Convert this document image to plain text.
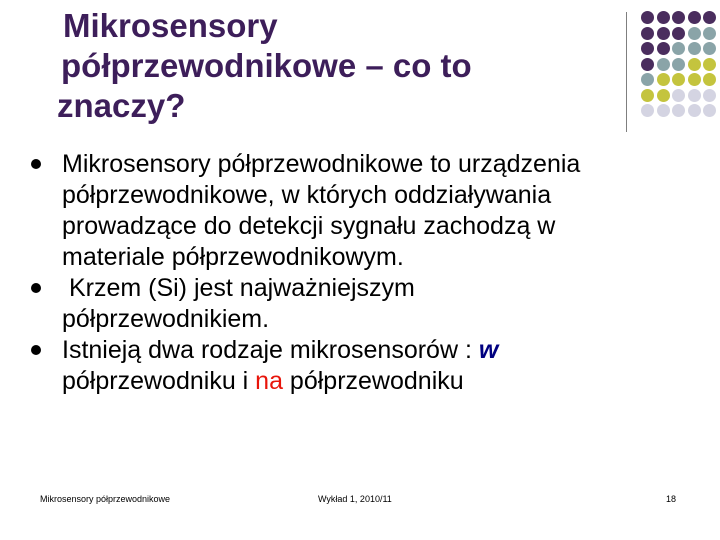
Mikrosensory
półprzewodnikowe – co to
znaczy?

Mikrosensory półprzewodnikowe to urządzenia

półprzewodnikowe, w których oddziaływania

prowadzące do detekcji sygnału zachodzą w

materiale półprzewodnikowym.

Krzem (Si) jest najważniejszym

półprzewodnikiem.

Istnieją dwa rodzaje mikrosensorów : w

półprzewodniku i na półprzewodniku

Mikrosensory półprzewodnikowe	Wykład 1, 2010/11	18
